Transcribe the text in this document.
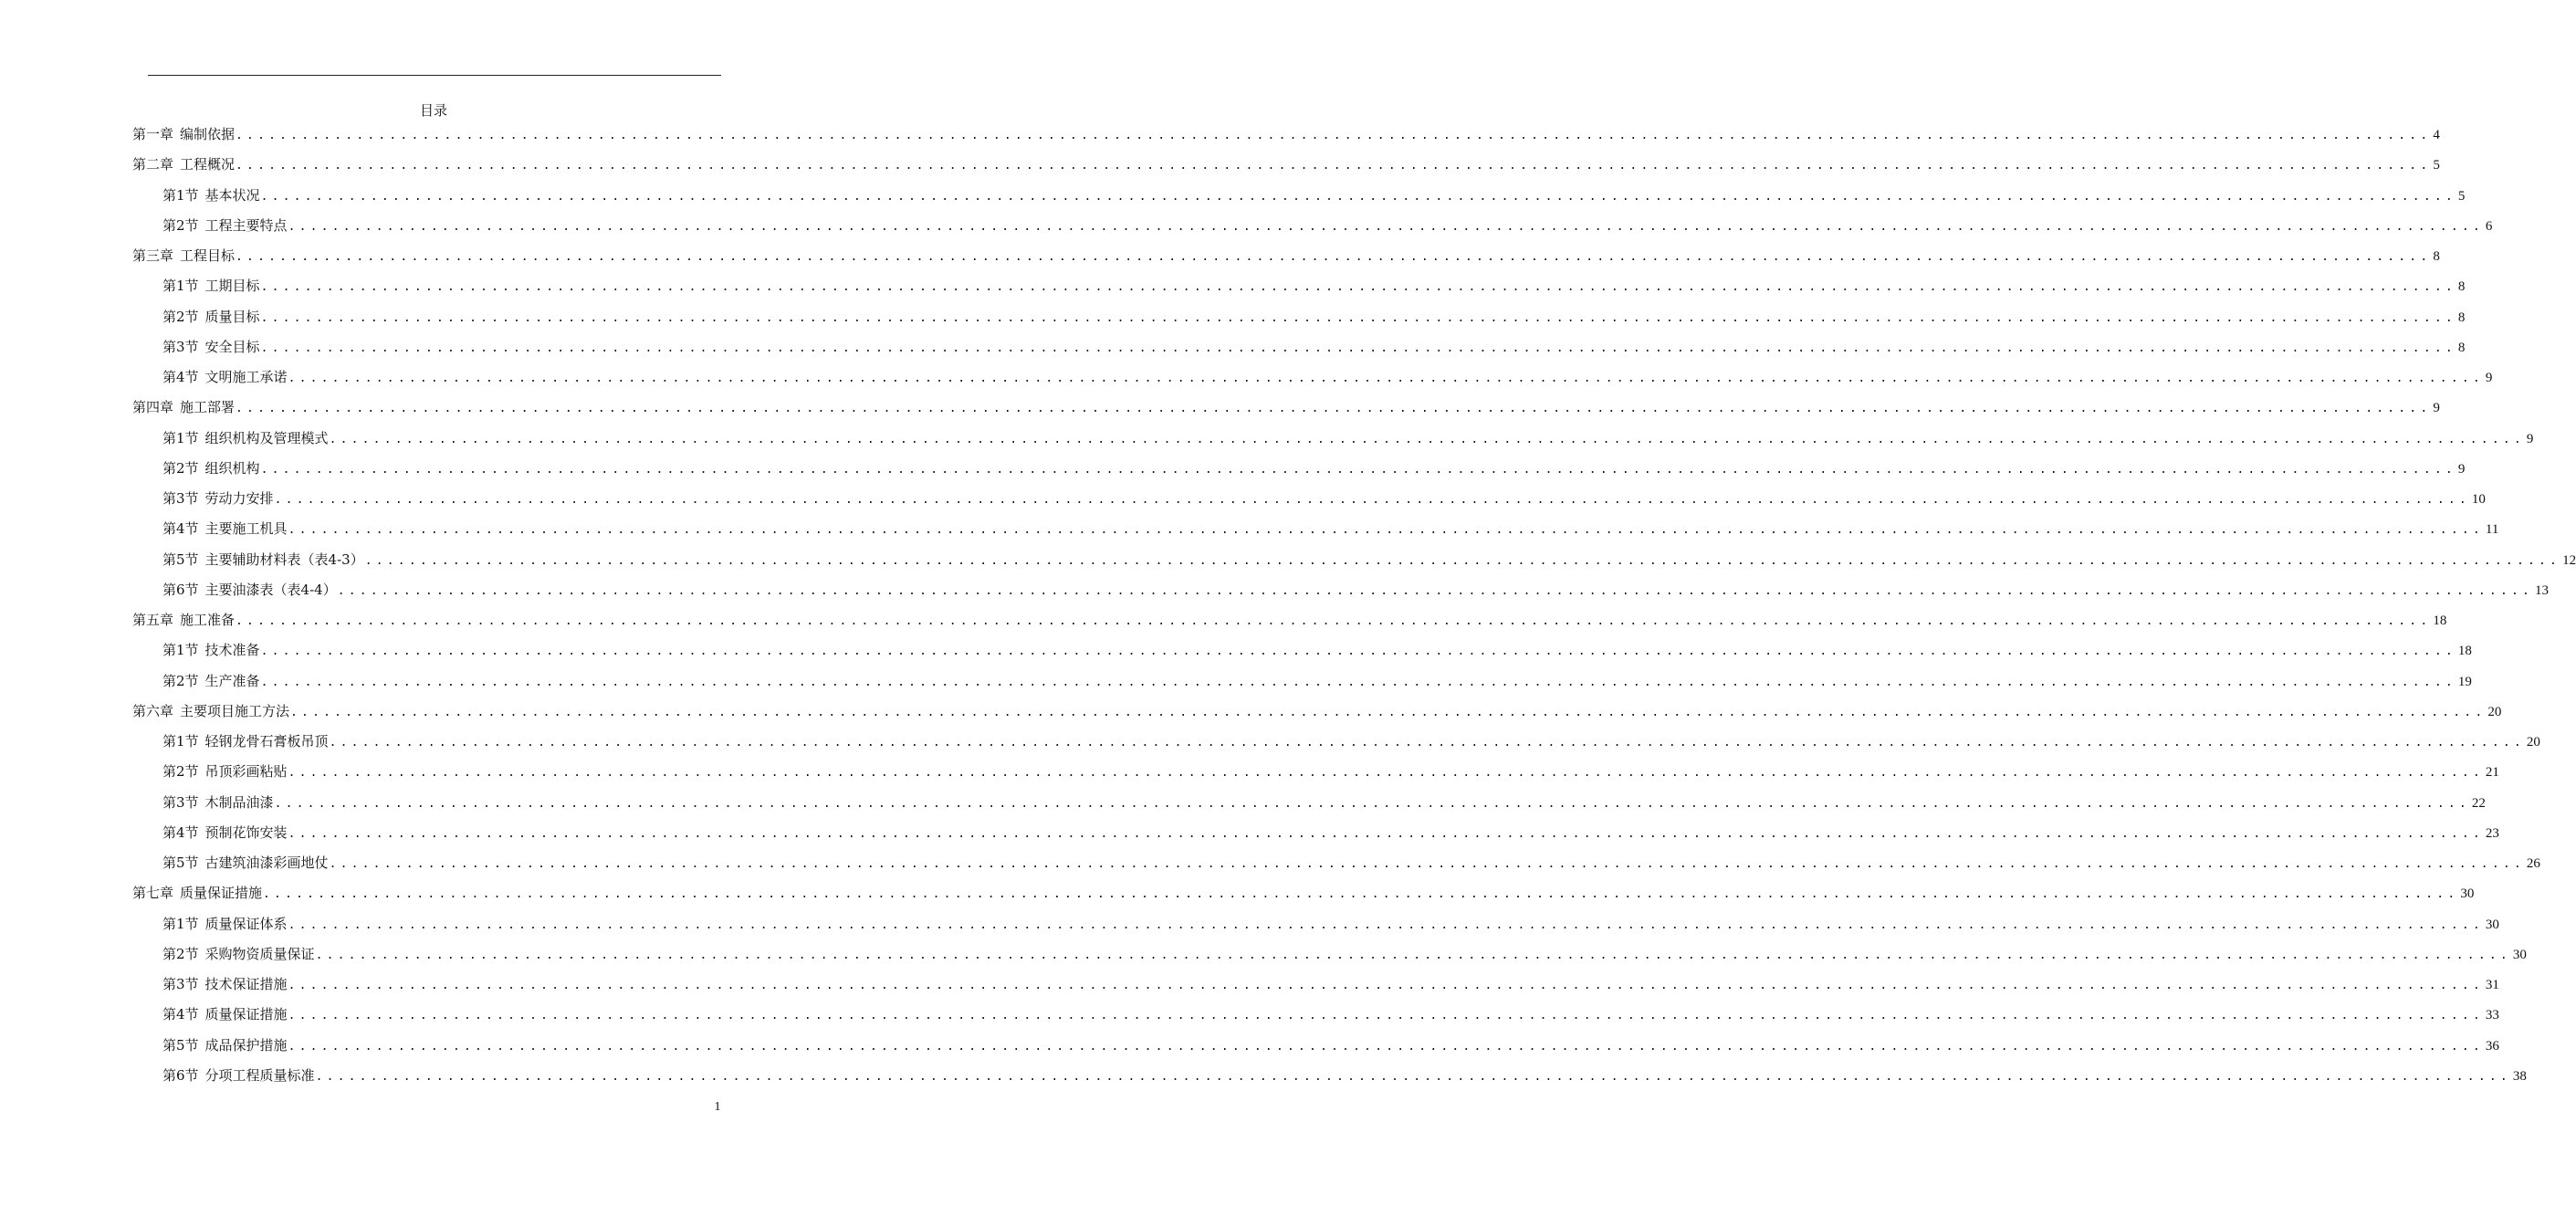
目录
第一章 编制依据 ........................................................................................................................................................................................................ 4
第二章 工程概况 ........................................................................................................................................................................................................ 5
第1节 基本状况 ........................................................................................................................................................................................................ 5
第2节 工程主要特点 ........................................................................................................................................................................................................ 6
第三章 工程目标 ........................................................................................................................................................................................................ 8
第1节 工期目标 ........................................................................................................................................................................................................ 8
第2节 质量目标 ........................................................................................................................................................................................................ 8
第3节 安全目标 ........................................................................................................................................................................................................ 8
第4节 文明施工承诺 ........................................................................................................................................................................................................ 9
第四章 施工部署 ........................................................................................................................................................................................................ 9
第1节 组织机构及管理模式 ........................................................................................................................................................................................................ 9
第2节 组织机构 ........................................................................................................................................................................................................ 9
第3节 劳动力安排 ........................................................................................................................................................................................................ 10
第4节 主要施工机具 ........................................................................................................................................................................................................ 11
第5节 主要辅助材料表（表4-3） ........................................................................................................................................................................................................ 12
第6节 主要油漆表（表4-4） ........................................................................................................................................................................................................ 13
第五章 施工准备 ........................................................................................................................................................................................................ 18
第1节 技术准备 ........................................................................................................................................................................................................ 18
第2节 生产准备 ........................................................................................................................................................................................................ 19
第六章 主要项目施工方法 ........................................................................................................................................................................................................ 20
第1节 轻钢龙骨石膏板吊顶 ........................................................................................................................................................................................................ 20
第2节 吊顶彩画粘贴 ........................................................................................................................................................................................................ 21
第3节 木制品油漆 ........................................................................................................................................................................................................ 22
第4节 预制花饰安装 ........................................................................................................................................................................................................ 23
第5节 古建筑油漆彩画地仗 ........................................................................................................................................................................................................ 26
第七章 质量保证措施 ........................................................................................................................................................................................................ 30
第1节 质量保证体系 ........................................................................................................................................................................................................ 30
第2节 采购物资质量保证 ........................................................................................................................................................................................................ 30
第3节 技术保证措施 ........................................................................................................................................................................................................ 31
第4节 质量保证措施 ........................................................................................................................................................................................................ 33
第5节 成品保护措施 ........................................................................................................................................................................................................ 36
第6节 分项工程质量标准 ........................................................................................................................................................................................................ 38
1
